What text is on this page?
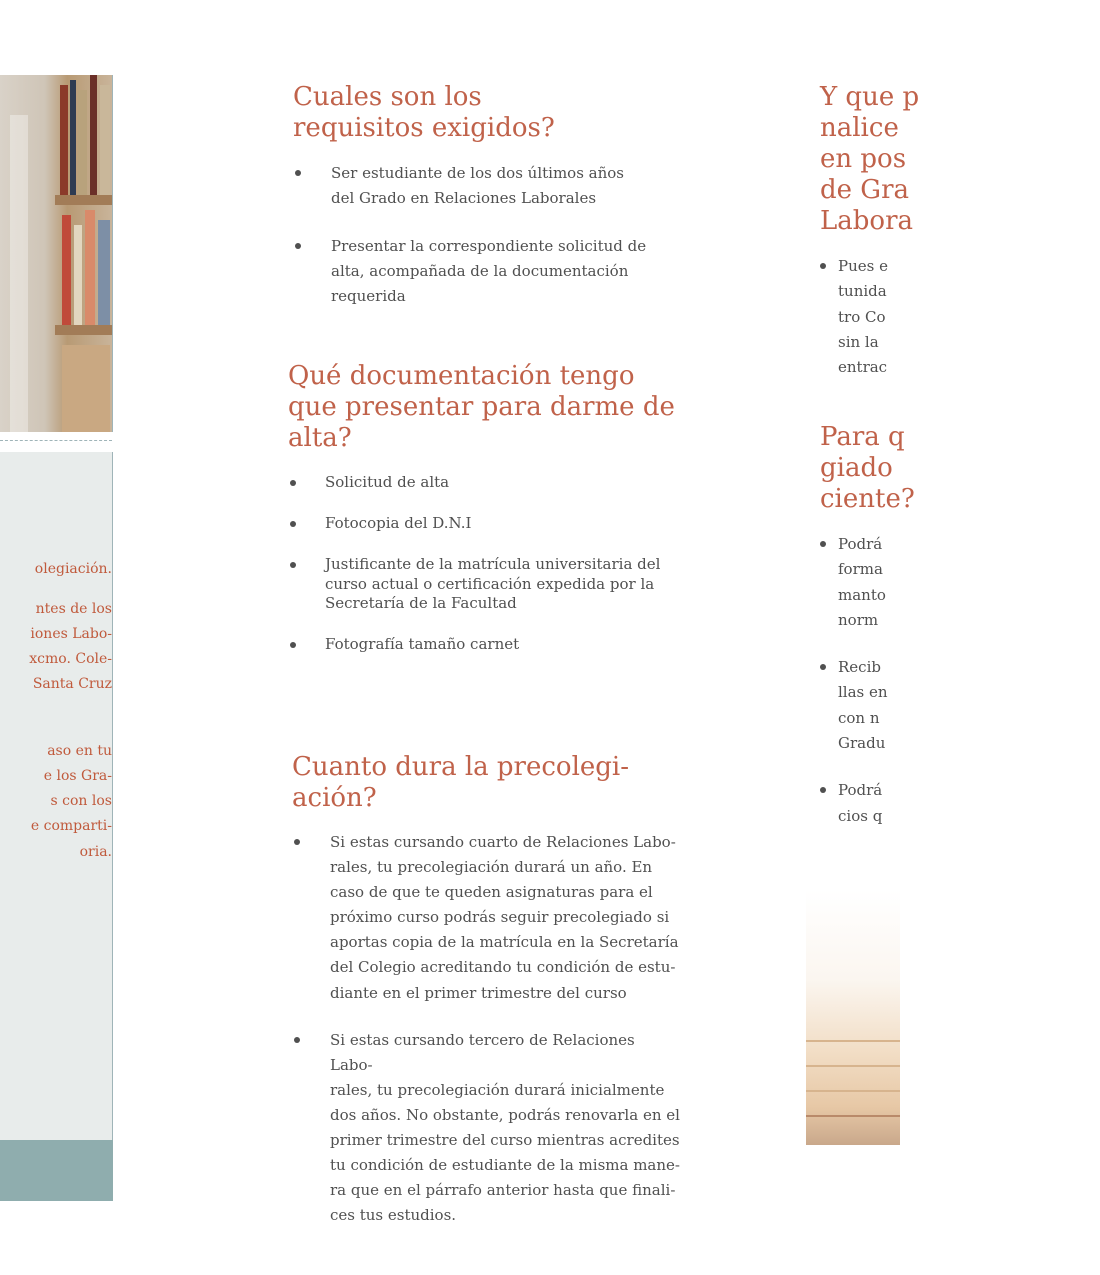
olegiación.
ntes de los
iones Labo-
xcmo. Cole-
Santa Cruz
aso en tu
e los Gra-
s con los
e comparti-
oria.
Cuales son los
requisitos exigidos?
Ser estudiante de los dos últimos años
del Grado en Relaciones Laborales
Presentar la correspondiente solicitud de
alta, acompañada de la documentación
requerida
Qué documentación tengo
que presentar para darme de
alta?
Solicitud de alta
Fotocopia del D.N.I
Justificante de la matrícula universitaria del
curso actual o certificación expedida por la
Secretaría de la Facultad
Fotografía tamaño carnet
Cuanto dura la precolegi-
ación?
Si estas cursando cuarto de Relaciones Labo-
rales, tu precolegiación durará un año. En
caso de que te queden asignaturas para el
próximo curso podrás seguir precolegiado si
aportas copia de la matrícula en la Secretaría
del Colegio acreditando tu condición de estu-
diante en el primer trimestre del curso
Si estas cursando tercero de Relaciones Labo-
rales, tu precolegiación durará inicialmente
dos años. No obstante, podrás renovarla en el
primer trimestre del curso mientras acredites
tu condición de estudiante de la misma mane-
ra que en el párrafo anterior hasta que finali-
ces tus estudios.
Y que p
nalice
en pos
de Gra
Labora
Pues e
tunida
tro Co
sin la
entrac
Para q
giado
ciente?
Podrá
forma
manto
norm
Recib
llas en
con n
Gradu
Podrá
cios q
